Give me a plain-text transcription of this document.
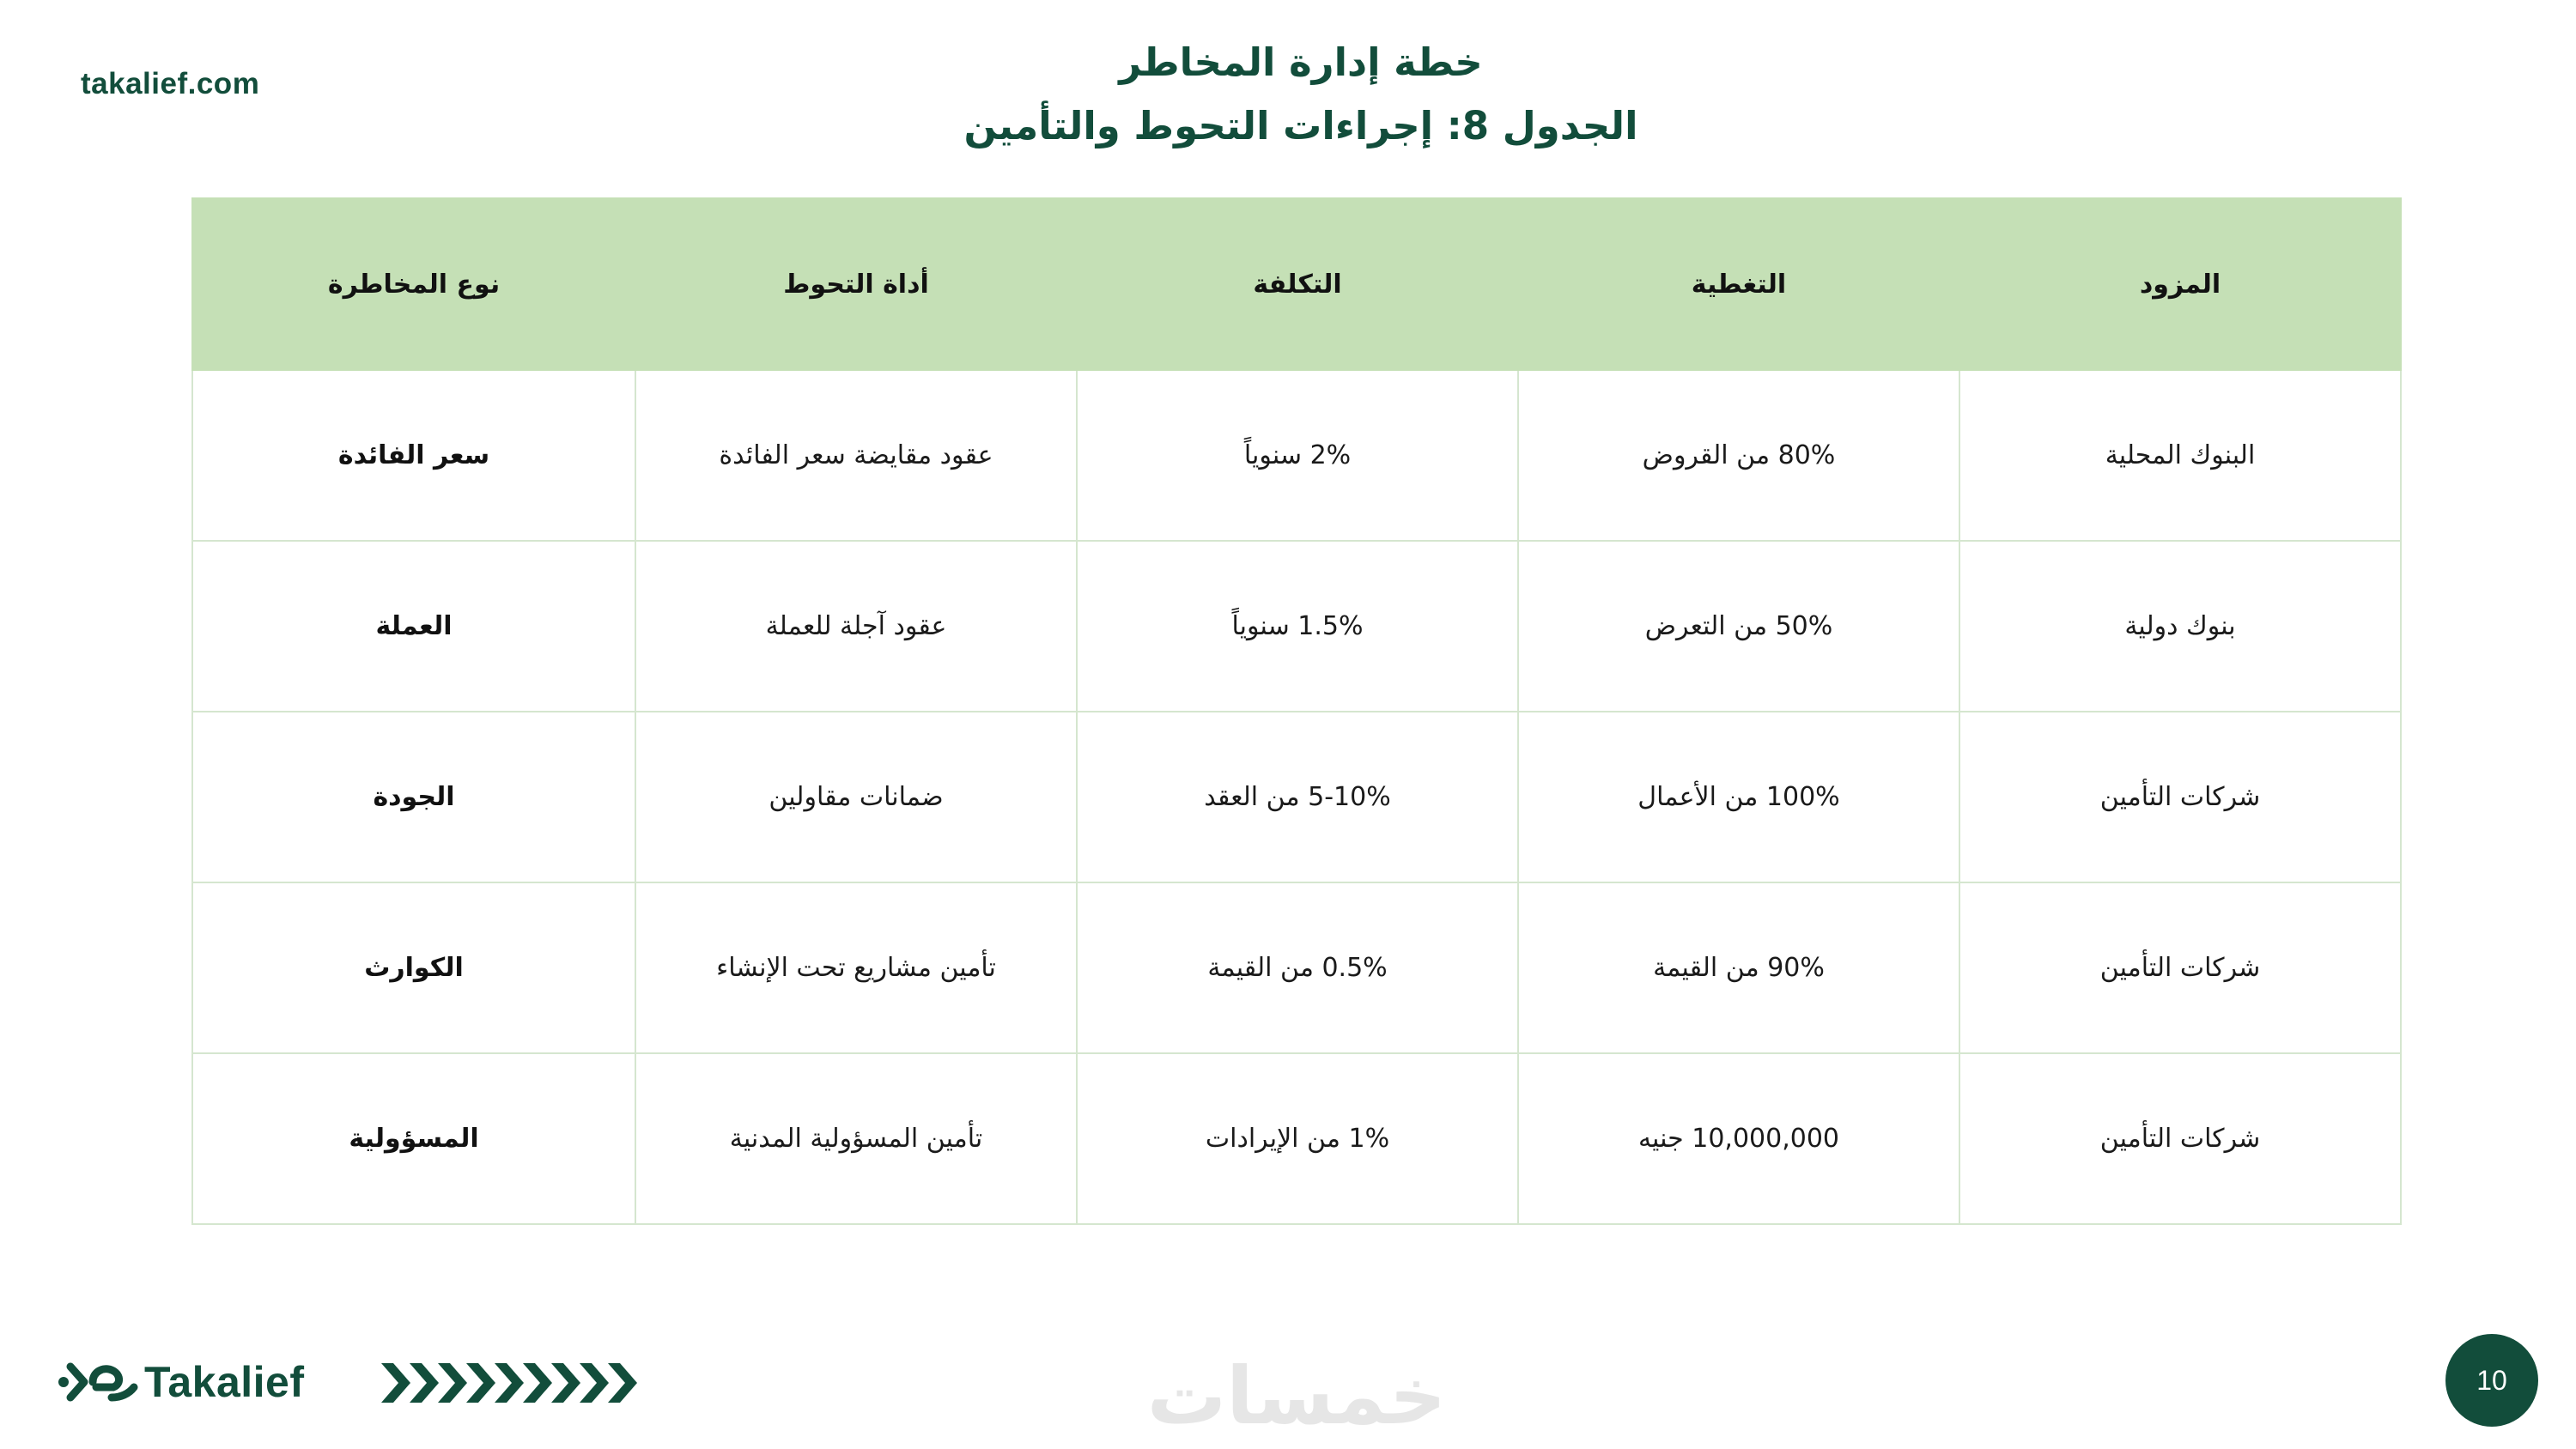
takalief.com	خطة إدارة المخاطر
الجدول 8: إجراءات التحوط والتأمين
المزود	التغطية	التكلفة	أداة التحوط	نوع المخاطرة
البنوك المحلية	80% من القروض	2% سنوياً	عقود مقايضة سعر الفائدة	سعر الفائدة
بنوك دولية	50% من التعرض	1.5% سنوياً	عقود آجلة للعملة	العملة
شركات التأمين	100% من الأعمال	5-10% من العقد	ضمانات مقاولين	الجودة
شركات التأمين	90% من القيمة	0.5% من القيمة	تأمين مشاريع تحت الإنشاء	الكوارث
شركات التأمين	10,000,000 جنيه	1% من الإيرادات	تأمين المسؤولية المدنية	المسؤولية
Takalief	خمسات	10
